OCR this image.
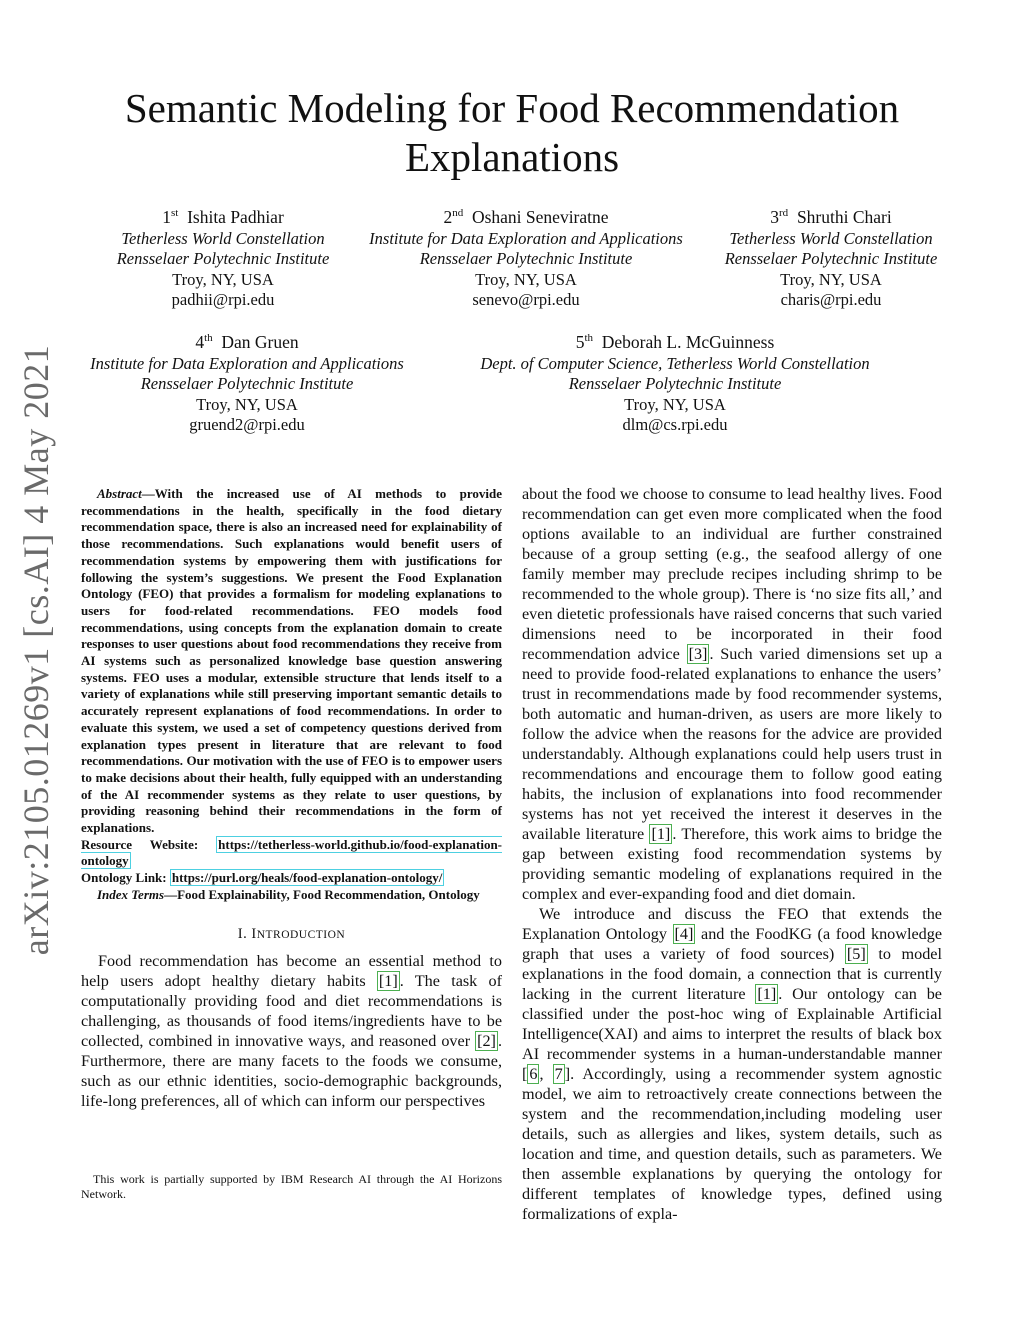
arXiv:2105.01269v1 [cs.AI] 4 May 2021
Semantic Modeling for Food Recommendation
Explanations
1st Ishita Padhiar
Tetherless World Constellation
Rensselaer Polytechnic Institute
Troy, NY, USA
padhii@rpi.edu
2nd Oshani Seneviratne
Institute for Data Exploration and Applications
Rensselaer Polytechnic Institute
Troy, NY, USA
senevo@rpi.edu
3rd Shruthi Chari
Tetherless World Constellation
Rensselaer Polytechnic Institute
Troy, NY, USA
charis@rpi.edu
4th Dan Gruen
Institute for Data Exploration and Applications
Rensselaer Polytechnic Institute
Troy, NY, USA
gruend2@rpi.edu
5th Deborah L. McGuinness
Dept. of Computer Science, Tetherless World Constellation
Rensselaer Polytechnic Institute
Troy, NY, USA
dlm@cs.rpi.edu

Abstract—With the increased use of AI methods to provide recommendations in the health, specifically in the food dietary recommendation space, there is also an increased need for explainability of those recommendations. Such explanations would benefit users of recommendation systems by empowering them with justifications for following the system’s suggestions. We present the Food Explanation Ontology (FEO) that provides a formalism for modeling explanations to users for food-related recommendations. FEO models food recommendations, using concepts from the explanation domain to create responses to user questions about food recommendations they receive from AI systems such as personalized knowledge base question answering systems. FEO uses a modular, extensible structure that lends itself to a variety of explanations while still preserving important semantic details to accurately represent explanations of food recommendations. In order to evaluate this system, we used a set of competency questions derived from explanation types present in literature that are relevant to food recommendations. Our motivation with the use of FEO is to empower users to make decisions about their health, fully equipped with an understanding of the AI recommender systems as they relate to user questions, by providing reasoning behind their recommendations in the form of explanations.

Resource Website: https://tetherless-world.github.io/food-explanation-ontology

Ontology Link: https://purl.org/heals/food-explanation-ontology/

Index Terms—Food Explainability, Food Recommendation, Ontology

I. INTRODUCTION

Food recommendation has become an essential method to help users adopt healthy dietary habits [1] . The task of computationally providing food and diet recommendations is challenging, as thousands of food items/ingredients have to be collected, combined in innovative ways, and reasoned over [2] . Furthermore, there are many facets to the foods we consume, such as our ethnic identities, socio-demographic backgrounds, life-long preferences, all of which can inform our perspectives

This work is partially supported by IBM Research AI through the AI Horizons Network.

about the food we choose to consume to lead healthy lives. Food recommendation can get even more complicated when the food options available to an individual are further constrained because of a group setting (e.g., the seafood allergy of one family member may preclude recipes including shrimp to be recommended to the whole group). There is ‘no size fits all,’ and even dietetic professionals have raised concerns that such varied dimensions need to be incorporated in their food recommendation advice [3] . Such varied dimensions set up a need to provide food-related explanations to enhance the users’ trust in recommendations made by food recommender systems, both automatic and human-driven, as users are more likely to follow the advice when the reasons for the advice are provided understandably. Although explanations could help users trust in recommendations and encourage them to follow good eating habits, the inclusion of explanations into food recommender systems has not yet received the interest it deserves in the available literature [1] . Therefore, this work aims to bridge the gap between existing food recommendation systems by providing semantic modeling of explanations required in the complex and ever-expanding food and diet domain.

We introduce and discuss the FEO that extends the Explanation Ontology [4] and the FoodKG (a food knowledge graph that uses a variety of food sources) [5] to model explanations in the food domain, a connection that is currently lacking in the current literature [1] . Our ontology can be classified under the post-hoc wing of Explainable Artificial Intelligence(XAI) and aims to interpret the results of black box AI recommender systems in a human-understandable manner [ 6 , 7 ]. Accordingly, using a recommender system agnostic model, we aim to retroactively create connections between the system and the recommendation,including modeling user details, such as allergies and likes, system details, such as location and time, and question details, such as parameters. We then assemble explanations by querying the ontology for different templates of knowledge types, defined using formalizations of expla-
